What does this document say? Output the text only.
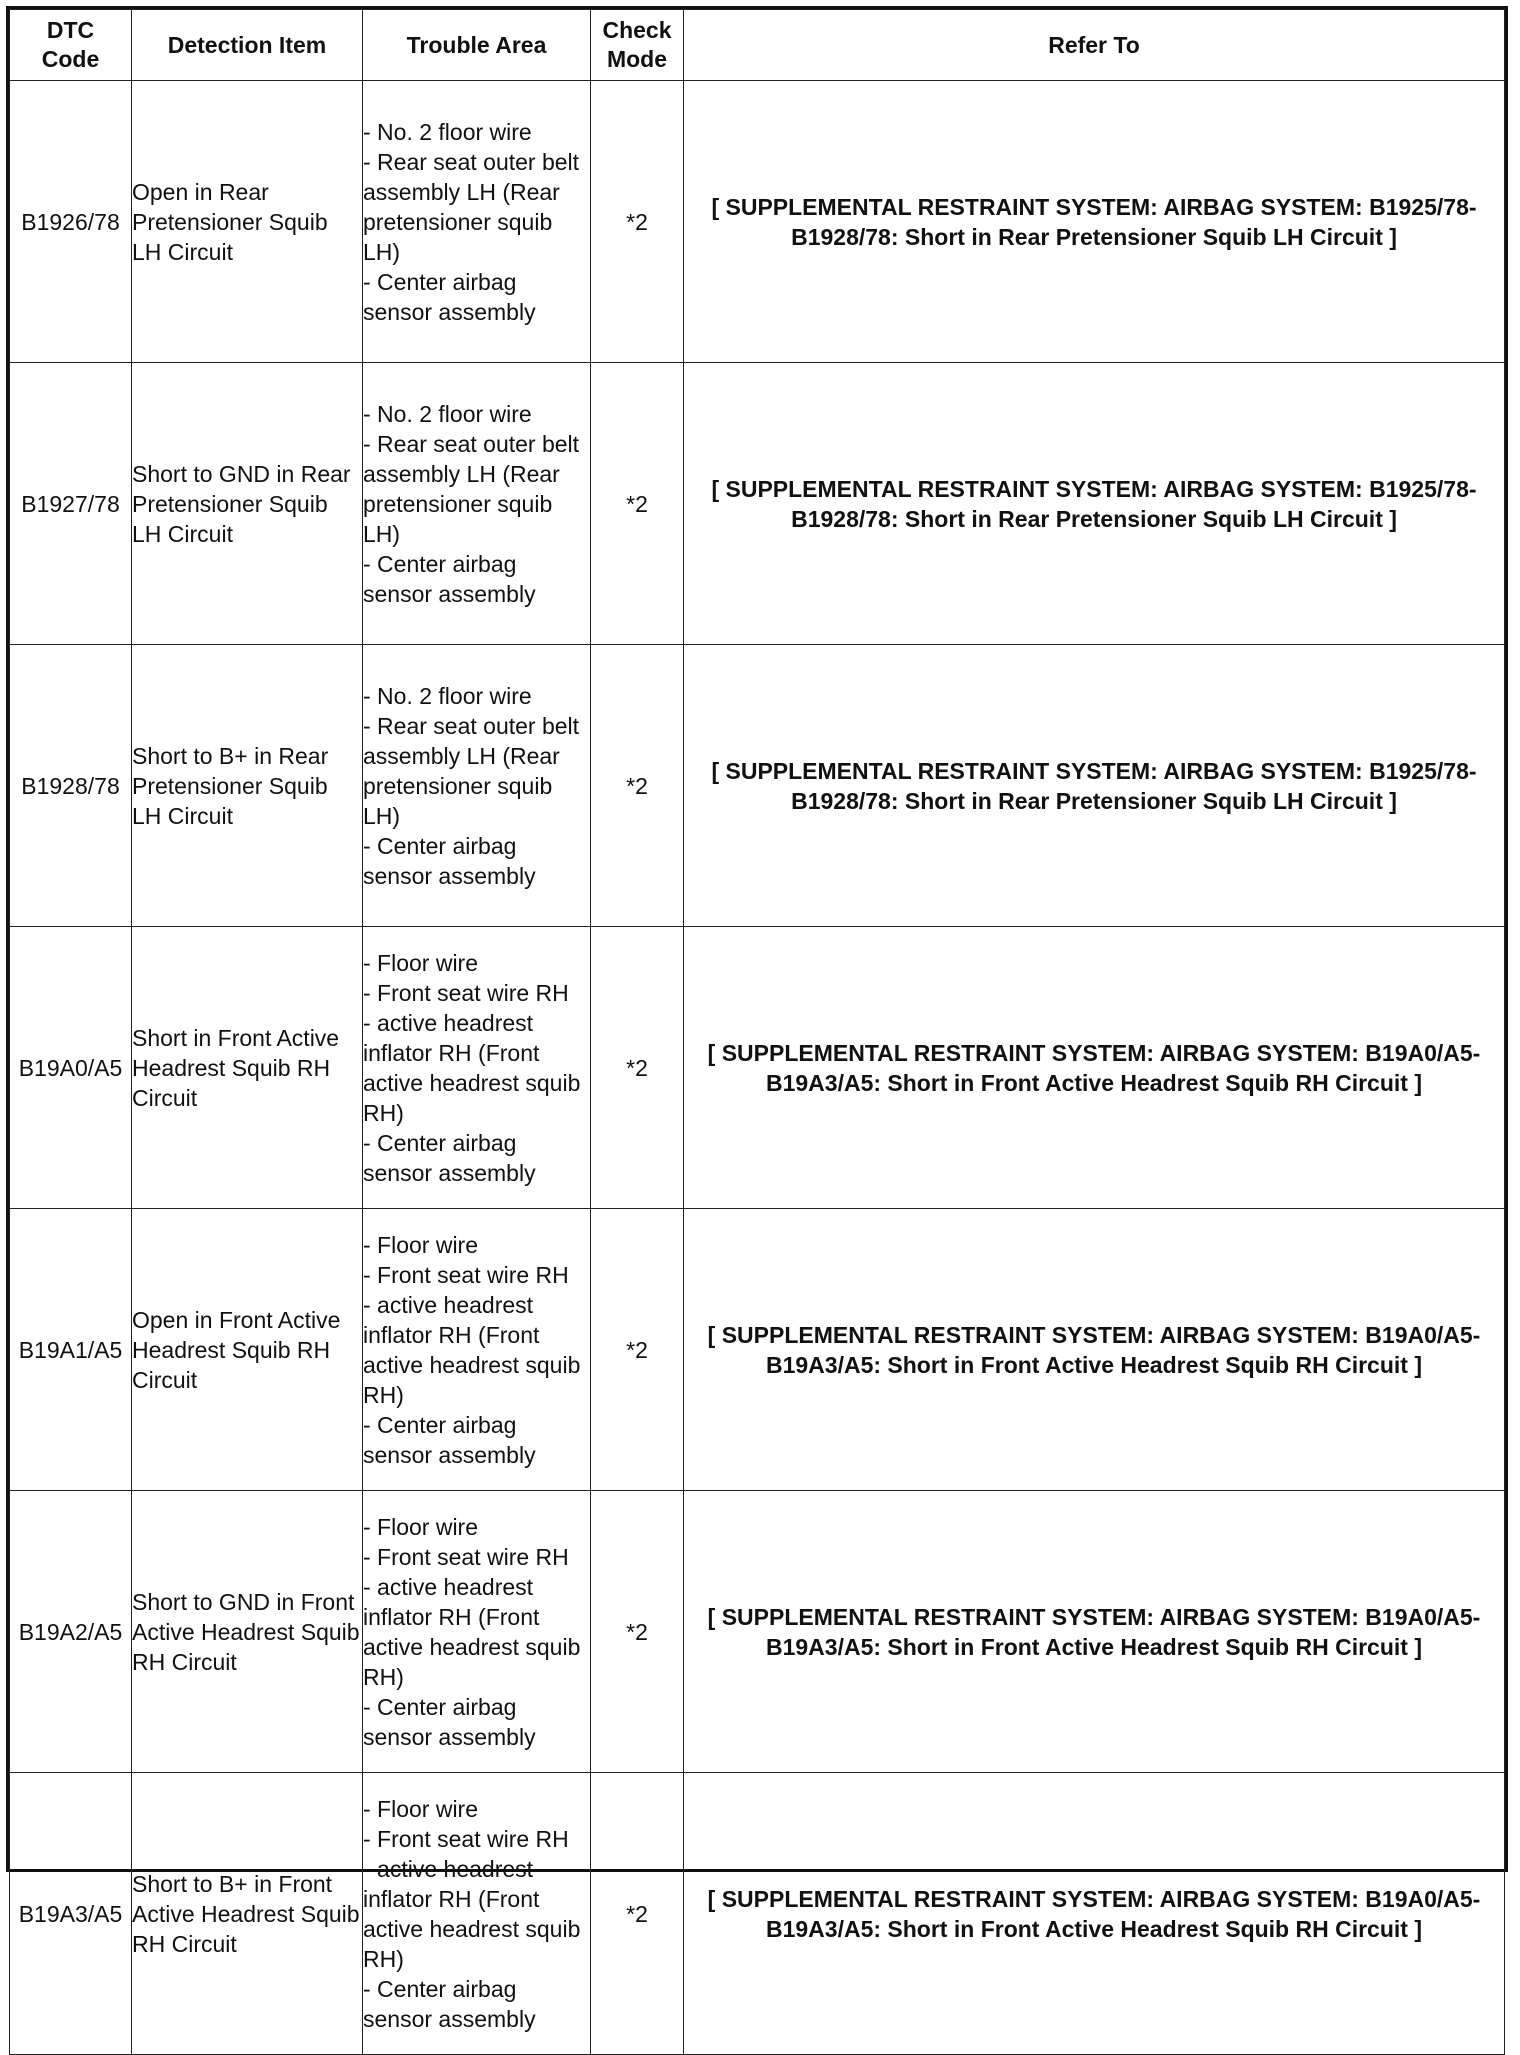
DTC Code	Detection Item	Trouble Area	Check Mode	Refer To
B1926/78	Open in Rear Pretensioner Squib LH Circuit	- No. 2 floor wire
- Rear seat outer belt assembly LH (Rear pretensioner squib LH)
- Center airbag sensor assembly	*2	[ SUPPLEMENTAL RESTRAINT SYSTEM: AIRBAG SYSTEM: B1925/78-B1928/78: Short in Rear Pretensioner Squib LH Circuit ]
B1927/78	Short to GND in Rear Pretensioner Squib LH Circuit	- No. 2 floor wire
- Rear seat outer belt assembly LH (Rear pretensioner squib LH)
- Center airbag sensor assembly	*2	[ SUPPLEMENTAL RESTRAINT SYSTEM: AIRBAG SYSTEM: B1925/78-B1928/78: Short in Rear Pretensioner Squib LH Circuit ]
B1928/78	Short to B+ in Rear Pretensioner Squib LH Circuit	- No. 2 floor wire
- Rear seat outer belt assembly LH (Rear pretensioner squib LH)
- Center airbag sensor assembly	*2	[ SUPPLEMENTAL RESTRAINT SYSTEM: AIRBAG SYSTEM: B1925/78-B1928/78: Short in Rear Pretensioner Squib LH Circuit ]
B19A0/A5	Short in Front Active Headrest Squib RH Circuit	- Floor wire
- Front seat wire RH
- active headrest inflator RH (Front active headrest squib RH)
- Center airbag sensor assembly	*2	[ SUPPLEMENTAL RESTRAINT SYSTEM: AIRBAG SYSTEM: B19A0/A5-B19A3/A5: Short in Front Active Headrest Squib RH Circuit ]
B19A1/A5	Open in Front Active Headrest Squib RH Circuit	- Floor wire
- Front seat wire RH
- active headrest inflator RH (Front active headrest squib RH)
- Center airbag sensor assembly	*2	[ SUPPLEMENTAL RESTRAINT SYSTEM: AIRBAG SYSTEM: B19A0/A5-B19A3/A5: Short in Front Active Headrest Squib RH Circuit ]
B19A2/A5	Short to GND in Front Active Headrest Squib RH Circuit	- Floor wire
- Front seat wire RH
- active headrest inflator RH (Front active headrest squib RH)
- Center airbag sensor assembly	*2	[ SUPPLEMENTAL RESTRAINT SYSTEM: AIRBAG SYSTEM: B19A0/A5-B19A3/A5: Short in Front Active Headrest Squib RH Circuit ]
B19A3/A5	Short to B+ in Front Active Headrest Squib RH Circuit	- Floor wire
- Front seat wire RH
- active headrest inflator RH (Front active headrest squib RH)
- Center airbag sensor assembly	*2	[ SUPPLEMENTAL RESTRAINT SYSTEM: AIRBAG SYSTEM: B19A0/A5-B19A3/A5: Short in Front Active Headrest Squib RH Circuit ]
